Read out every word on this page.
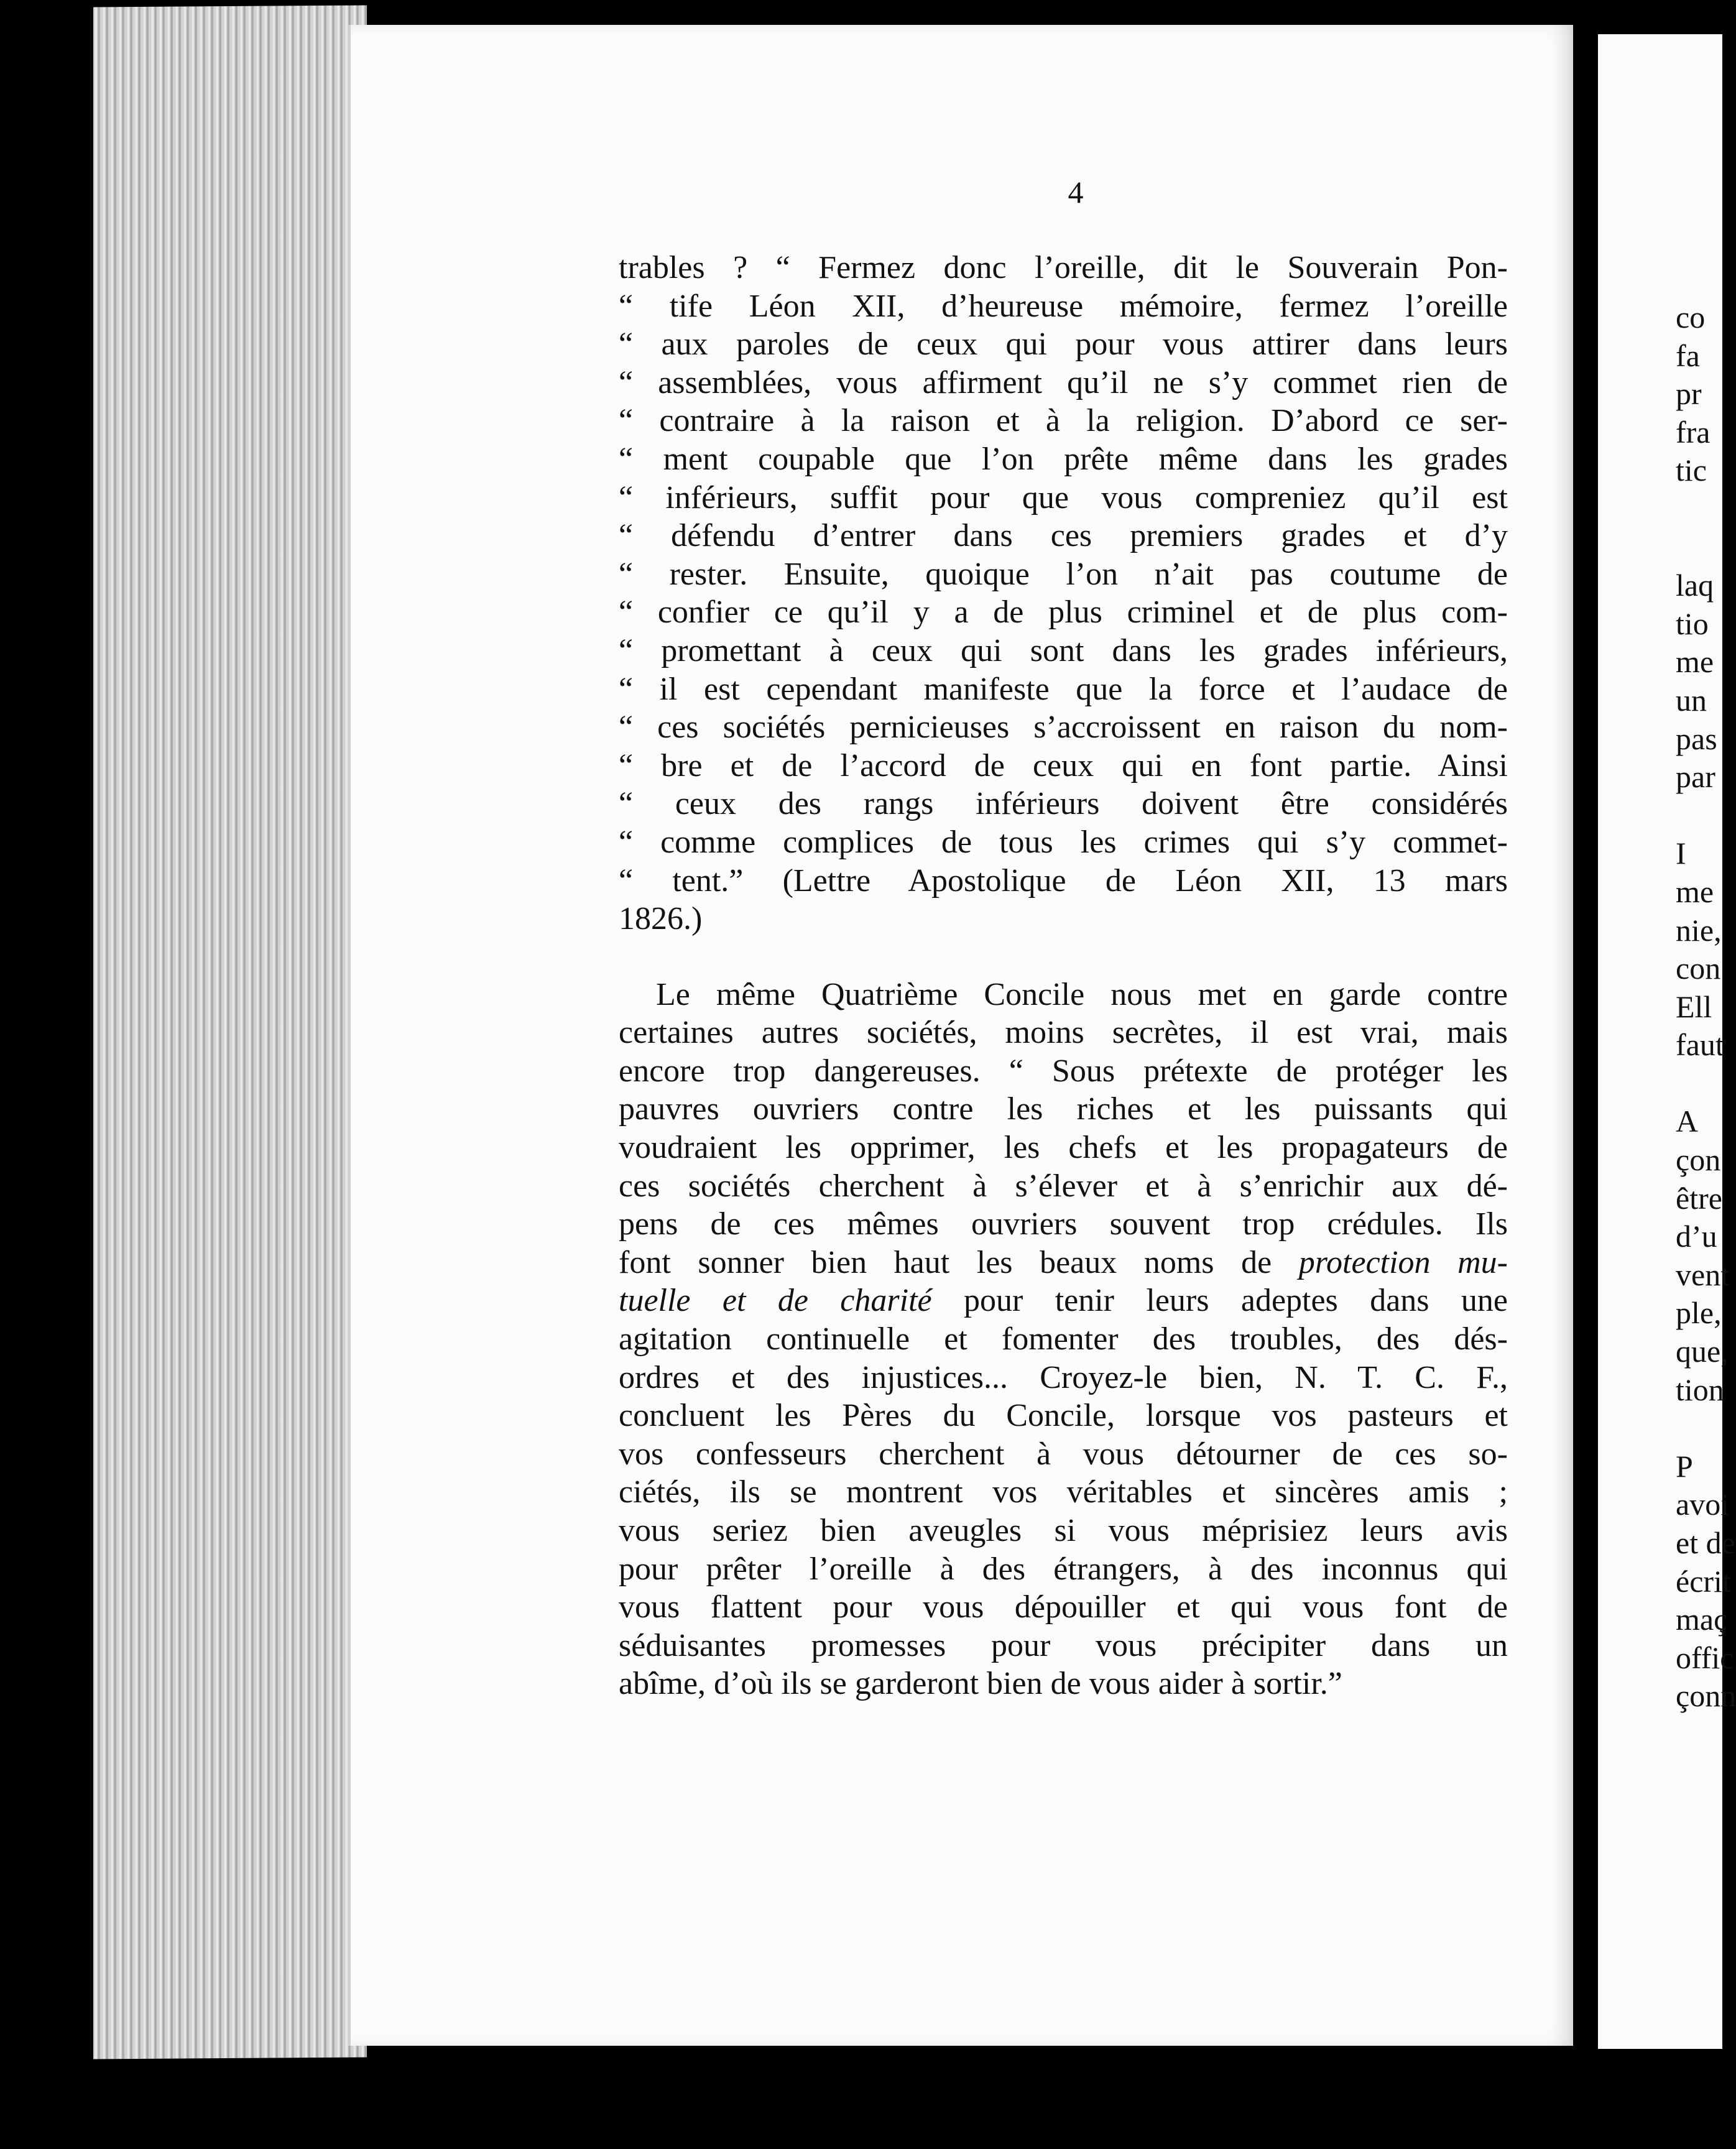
4
trables ? “ Fermez donc l’oreille, dit le Souverain Pon-
“ tife Léon XII, d’heureuse mémoire, fermez l’oreille
“ aux paroles de ceux qui pour vous attirer dans leurs
“ assemblées, vous affirment qu’il ne s’y commet rien de
“ contraire à la raison et à la religion. D’abord ce ser-
“ ment coupable que l’on prête même dans les grades
“ inférieurs, suffit pour que vous compreniez qu’il est
“ défendu d’entrer dans ces premiers grades et d’y
“ rester. Ensuite, quoique l’on n’ait pas coutume de
“ confier ce qu’il y a de plus criminel et de plus com-
“ promettant à ceux qui sont dans les grades inférieurs,
“ il est cependant manifeste que la force et l’audace de
“ ces sociétés pernicieuses s’accroissent en raison du nom-
“ bre et de l’accord de ceux qui en font partie. Ainsi
“ ceux des rangs inférieurs doivent être considérés
“ comme complices de tous les crimes qui s’y commet-
“ tent.” (Lettre Apostolique de Léon XII, 13 mars
1826.)
Le même Quatrième Concile nous met en garde contre
certaines autres sociétés, moins secrètes, il est vrai, mais
encore trop dangereuses. “ Sous prétexte de protéger les
pauvres ouvriers contre les riches et les puissants qui
voudraient les opprimer, les chefs et les propagateurs de
ces sociétés cherchent à s’élever et à s’enrichir aux dé-
pens de ces mêmes ouvriers souvent trop crédules. Ils
font sonner bien haut les beaux noms de protection mu-
tuelle et de charité pour tenir leurs adeptes dans une
agitation continuelle et fomenter des troubles, des dés-
ordres et des injustices... Croyez-le bien, N. T. C. F.,
concluent les Pères du Concile, lorsque vos pasteurs et
vos confesseurs cherchent à vous détourner de ces so-
ciétés, ils se montrent vos véritables et sincères amis ;
vous seriez bien aveugles si vous méprisiez leurs avis
pour prêter l’oreille à des étrangers, à des inconnus qui
vous flattent pour vous dépouiller et qui vous font de
séduisantes promesses pour vous précipiter dans un
abîme, d’où ils se garderont bien de vous aider à sortir.”
co
fa
pr
fra
tic

laq
tio
me
un
pas
par

I
me
nie,
con
Ell
faut

A
çon
être
d’u
vent
ple,
que,
tion

P
avoi
et de
écrit
maç
offic
çonn
